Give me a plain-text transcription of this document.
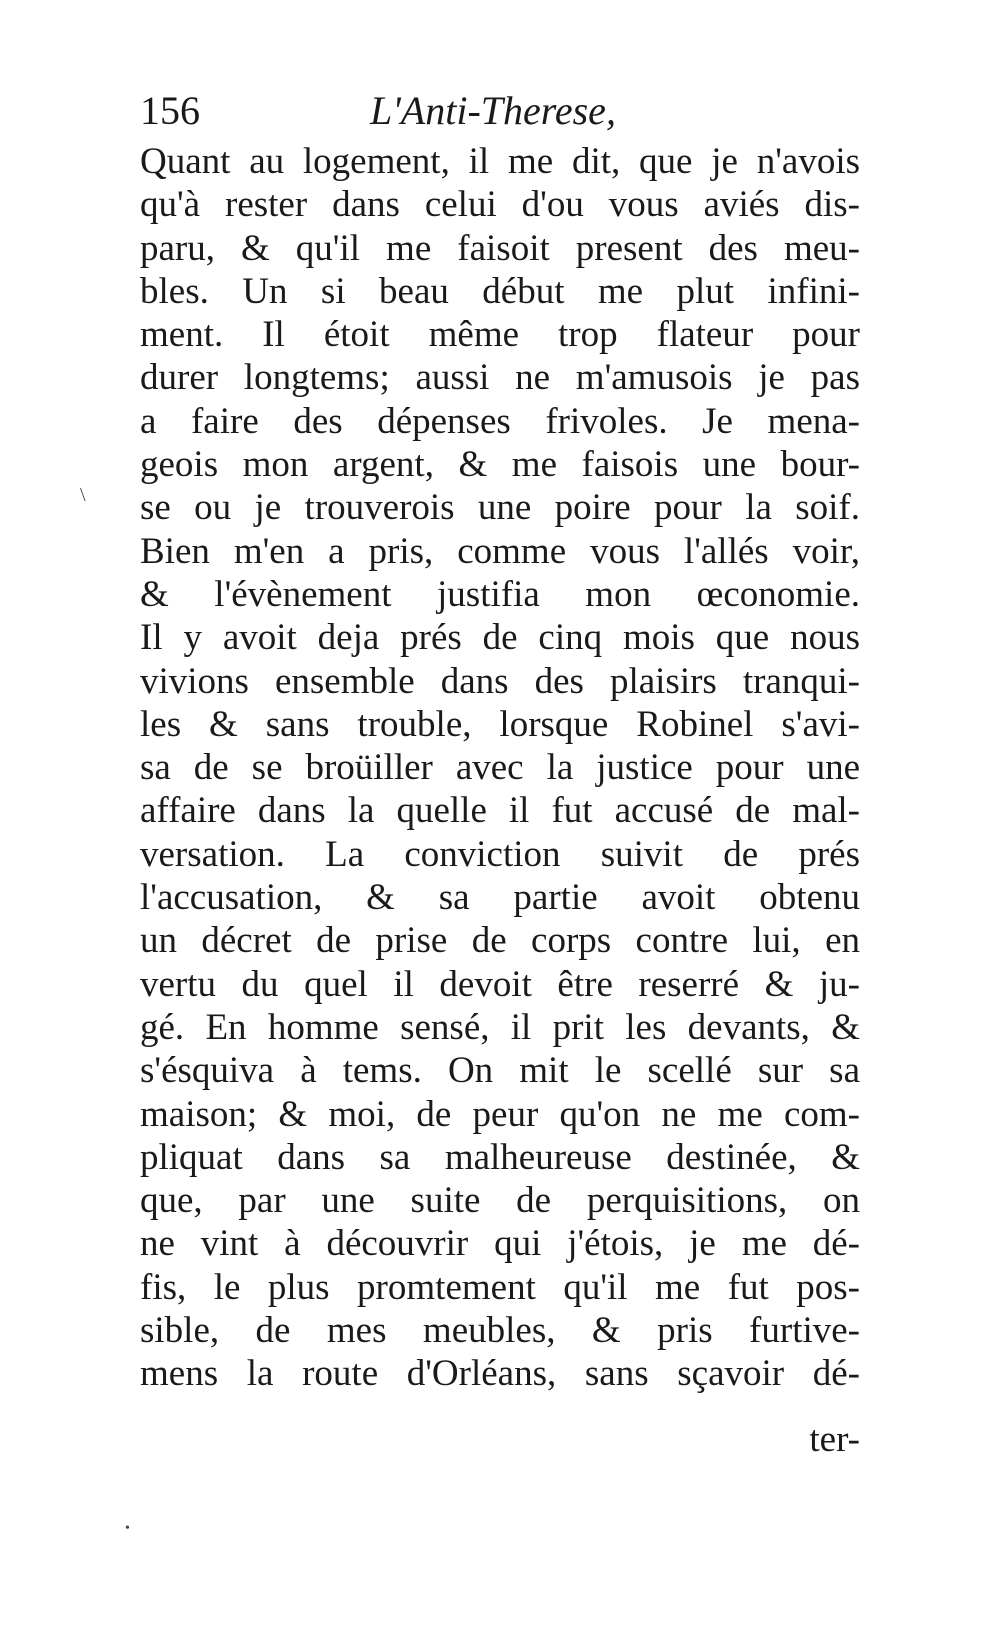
156	L'Anti-Therese,
Quant au logement, il me dit, que je n'avois
qu'à rester dans celui d'ou vous aviés dis-
paru, & qu'il me faisoit present des meu-
bles. Un si beau début me plut infini-
ment. Il étoit même trop flateur pour
durer longtems; aussi ne m'amusois je pas
a faire des dépenses frivoles. Je mena-
geois mon argent, & me faisois une bour-
se ou je trouverois une poire pour la soif.
Bien m'en a pris, comme vous l'allés voir,
& l'évènement justifia mon œconomie.
Il y avoit deja prés de cinq mois que nous
vivions ensemble dans des plaisirs tranqui-
les & sans trouble, lorsque Robinel s'avi-
sa de se broüiller avec la justice pour une
affaire dans la quelle il fut accusé de mal-
versation. La conviction suivit de prés
l'accusation, & sa partie avoit obtenu
un décret de prise de corps contre lui, en
vertu du quel il devoit être reserré & ju-
gé. En homme sensé, il prit les devants, &
s'ésquiva à tems. On mit le scellé sur sa
maison; & moi, de peur qu'on ne me com-
pliquat dans sa malheureuse destinée, &
que, par une suite de perquisitions, on
ne vint à découvrir qui j'étois, je me dé-
fis, le plus promtement qu'il me fut pos-
sible, de mes meubles, & pris furtive-
mens la route d'Orléans, sans sçavoir dé-
ter-
\
•
